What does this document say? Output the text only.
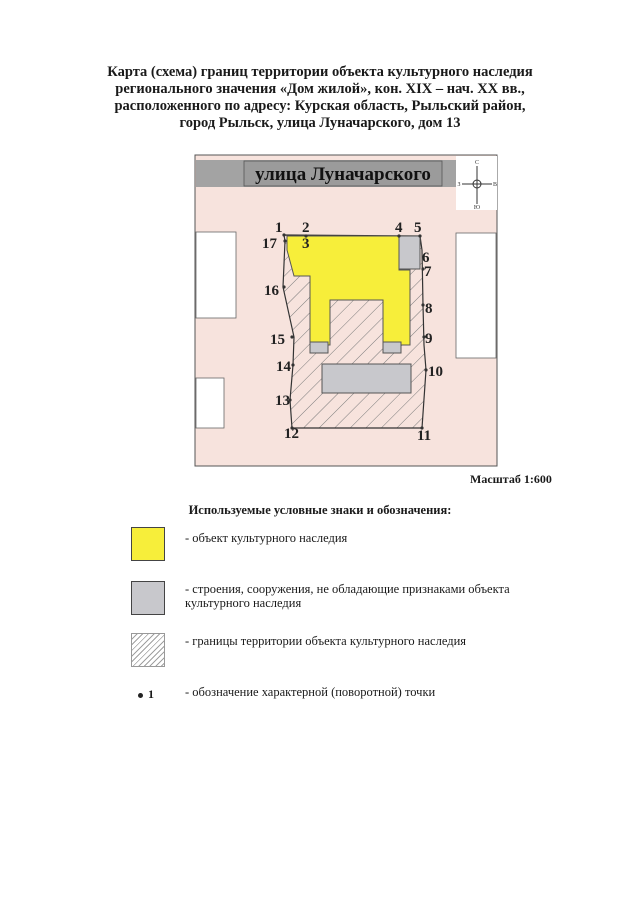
Карта (схема) границ территории объекта культурного наследия
регионального значения «Дом жилой», кон. XIX – нач. XX вв.,
расположенного по адресу: Курская область, Рыльский район,
город Рыльск, улица Луначарского, дом 13
улица Луначарского
С
Ю
З	В
1 2
3
4 5
6
7
8
9
10
11
12
13
14
15
16
17
Масштаб 1:600
Используемые условные знаки и обозначения:
- объект культурного наследия
- строения, сооружения, не обладающие признаками объекта культурного наследия
- границы территории объекта культурного наследия
1 - обозначение характерной (поворотной) точки
